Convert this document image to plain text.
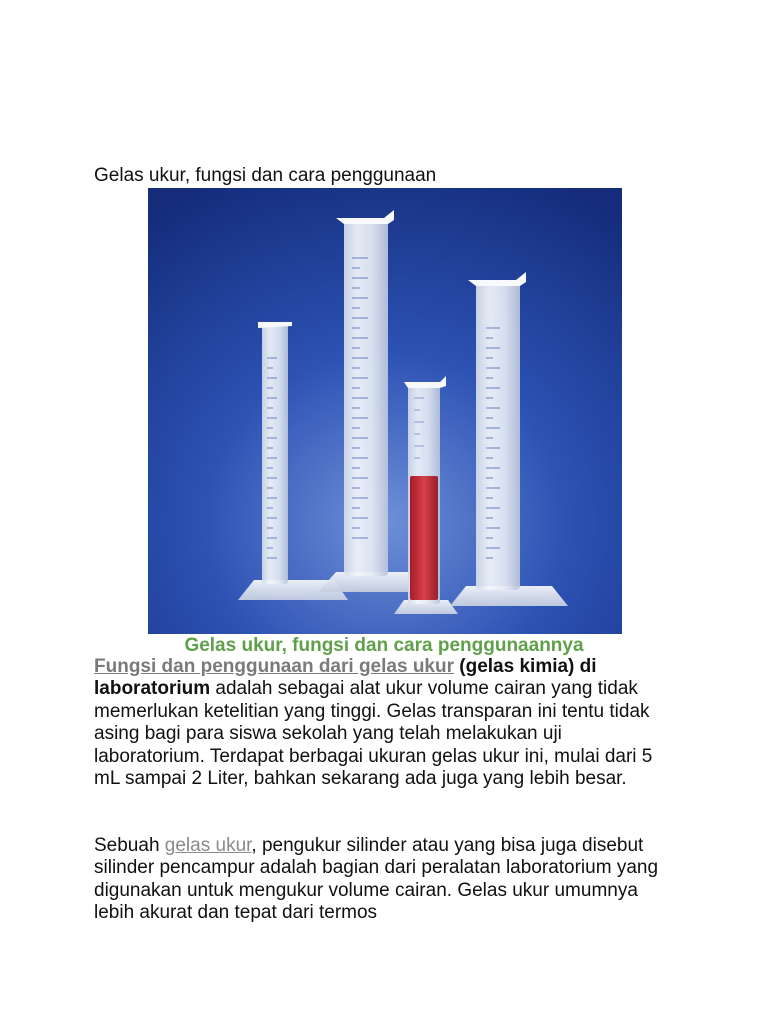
Gelas ukur, fungsi dan cara penggunaan

Gelas ukur, fungsi dan cara penggunaannya

Fungsi dan penggunaan dari gelas ukur (gelas kimia) di laboratorium adalah sebagai alat ukur volume cairan yang tidak memerlukan ketelitian yang tinggi. Gelas transparan ini tentu tidak asing bagi para siswa sekolah yang telah melakukan uji laboratorium. Terdapat berbagai ukuran gelas ukur ini, mulai dari 5 mL sampai 2 Liter, bahkan sekarang ada juga yang lebih besar.

Sebuah gelas ukur, pengukur silinder atau yang bisa juga disebut silinder pencampur adalah bagian dari peralatan laboratorium yang digunakan untuk mengukur volume cairan. Gelas ukur umumnya lebih akurat dan tepat dari termos
